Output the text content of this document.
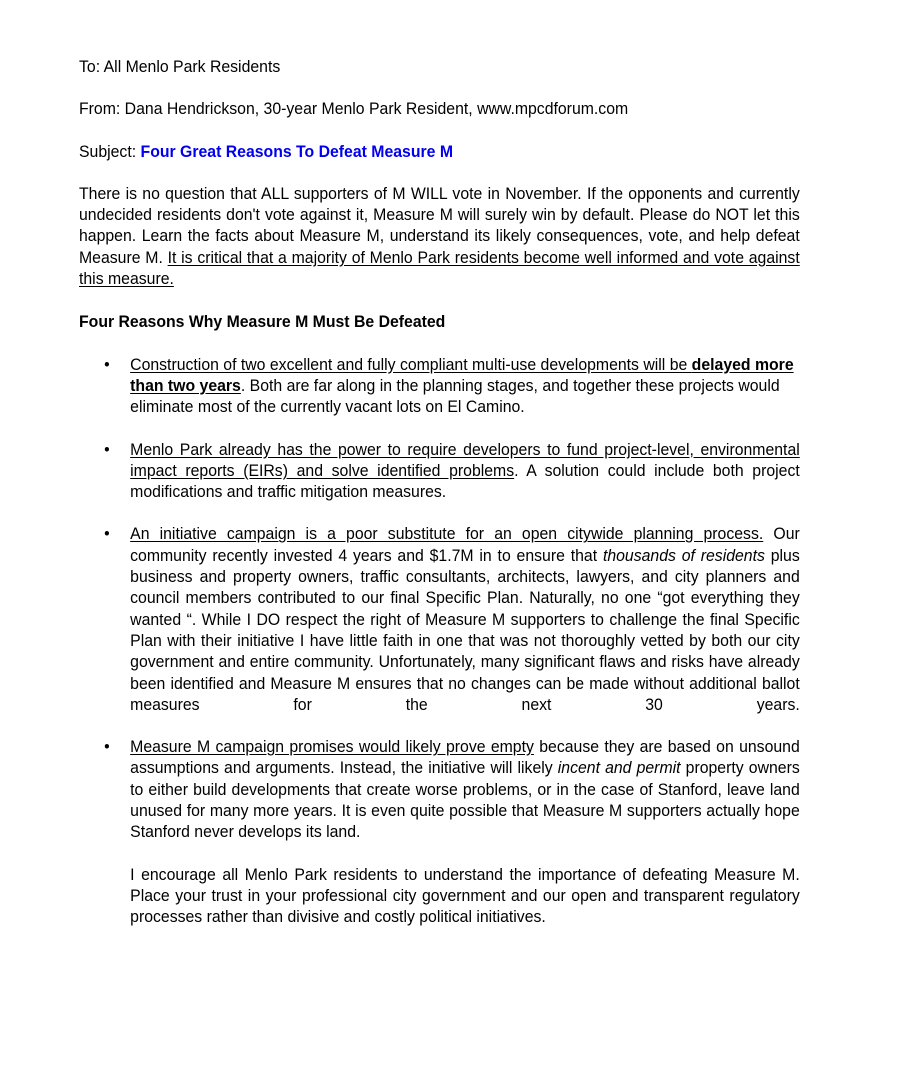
To: All Menlo Park Residents

From: Dana Hendrickson, 30-year Menlo Park Resident, www.mpcdforum.com

Subject: Four Great Reasons To Defeat Measure M

There is no question that ALL supporters of M WILL vote in November. If the opponents and currently undecided residents don't vote against it, Measure M will surely win by default. Please do NOT let this happen. Learn the facts about Measure M, understand its likely consequences, vote, and help defeat Measure M. It is critical that a majority of Menlo Park residents become well informed and vote against this measure.

Four Reasons Why Measure M Must Be Defeated

• Construction of two excellent and fully compliant multi-use developments will be delayed more than two years. Both are far along in the planning stages, and together these projects would eliminate most of the currently vacant lots on El Camino.

• Menlo Park already has the power to require developers to fund project-level, environmental impact reports (EIRs) and solve identified problems. A solution could include both project modifications and traffic mitigation measures.

• An initiative campaign is a poor substitute for an open citywide planning process. Our community recently invested 4 years and $1.7M in to ensure that thousands of residents plus business and property owners, traffic consultants, architects, lawyers, and city planners and council members contributed to our final Specific Plan. Naturally, no one “got everything they wanted “. While I DO respect the right of Measure M supporters to challenge the final Specific Plan with their initiative I have little faith in one that was not thoroughly vetted by both our city government and entire community. Unfortunately, many significant flaws and risks have already been identified and Measure M ensures that no changes can be made without additional ballot measures for the next 30 years.

• Measure M campaign promises would likely prove empty because they are based on unsound assumptions and arguments. Instead, the initiative will likely incent and permit property owners to either build developments that create worse problems, or in the case of Stanford, leave land unused for many more years. It is even quite possible that Measure M supporters actually hope Stanford never develops its land.

I encourage all Menlo Park residents to understand the importance of defeating Measure M. Place your trust in your professional city government and our open and transparent regulatory processes rather than divisive and costly political initiatives.
